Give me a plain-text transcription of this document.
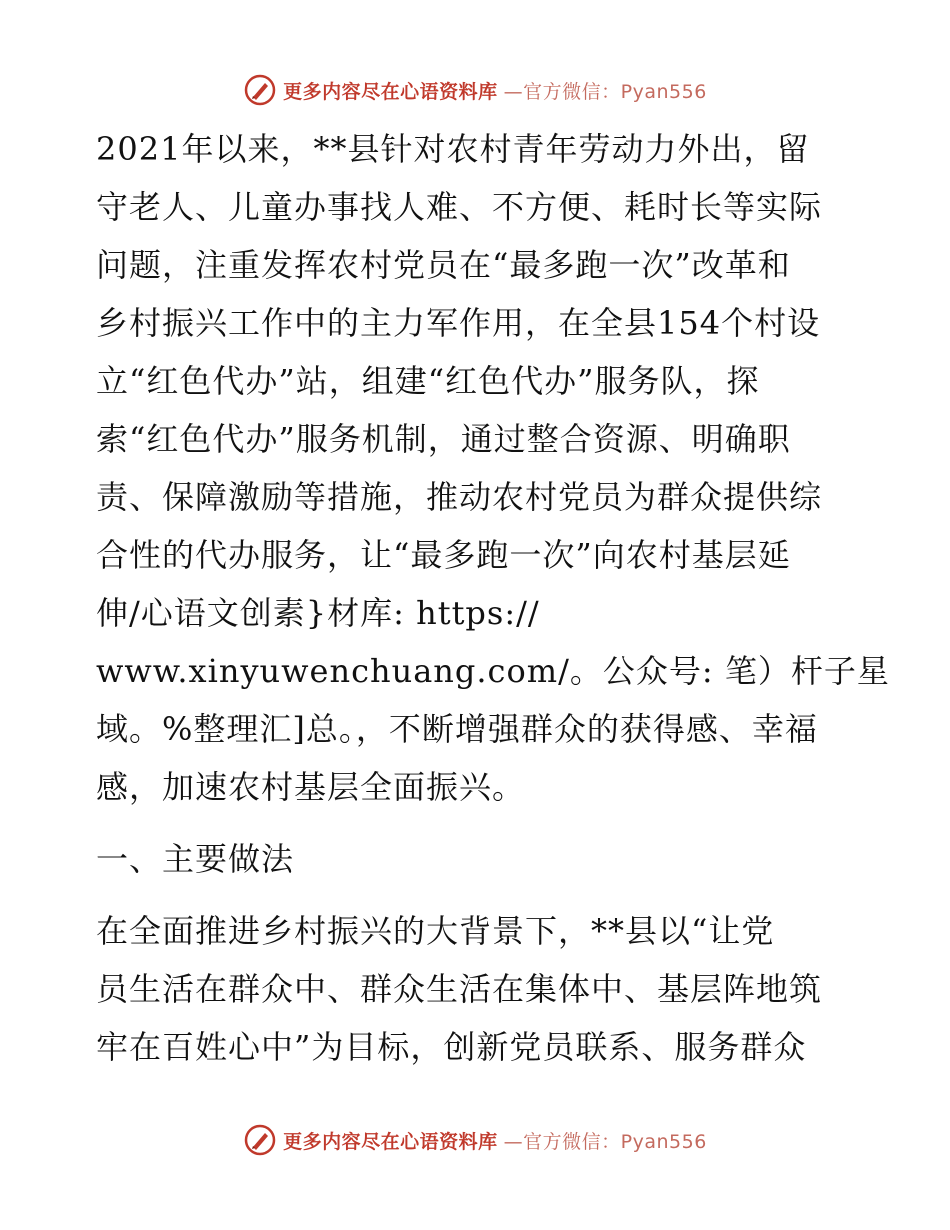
更多内容尽在心语资料库 —官方微信：Pyan556
2021年以来，**县针对农村青年劳动力外出，留
守老人、儿童办事找人难、不方便、耗时长等实际
问题，注重发挥农村党员在“最多跑一次”改革和
乡村振兴工作中的主力军作用，在全县154个村设
立“红色代办”站，组建“红色代办”服务队，探
索“红色代办”服务机制，通过整合资源、明确职
责、保障激励等措施，推动农村党员为群众提供综
合性的代办服务，让“最多跑一次”向农村基层延
伸/心语文创素}材库: https://
www.xinyuwenchuang.com/。公众号: 笔）杆子星
域。%整理汇]总。，不断增强群众的获得感、幸福
感，加速农村基层全面振兴。
一、主要做法
在全面推进乡村振兴的大背景下，**县以“让党
员生活在群众中、群众生活在集体中、基层阵地筑
牢在百姓心中”为目标，创新党员联系、服务群众
更多内容尽在心语资料库 —官方微信：Pyan556
